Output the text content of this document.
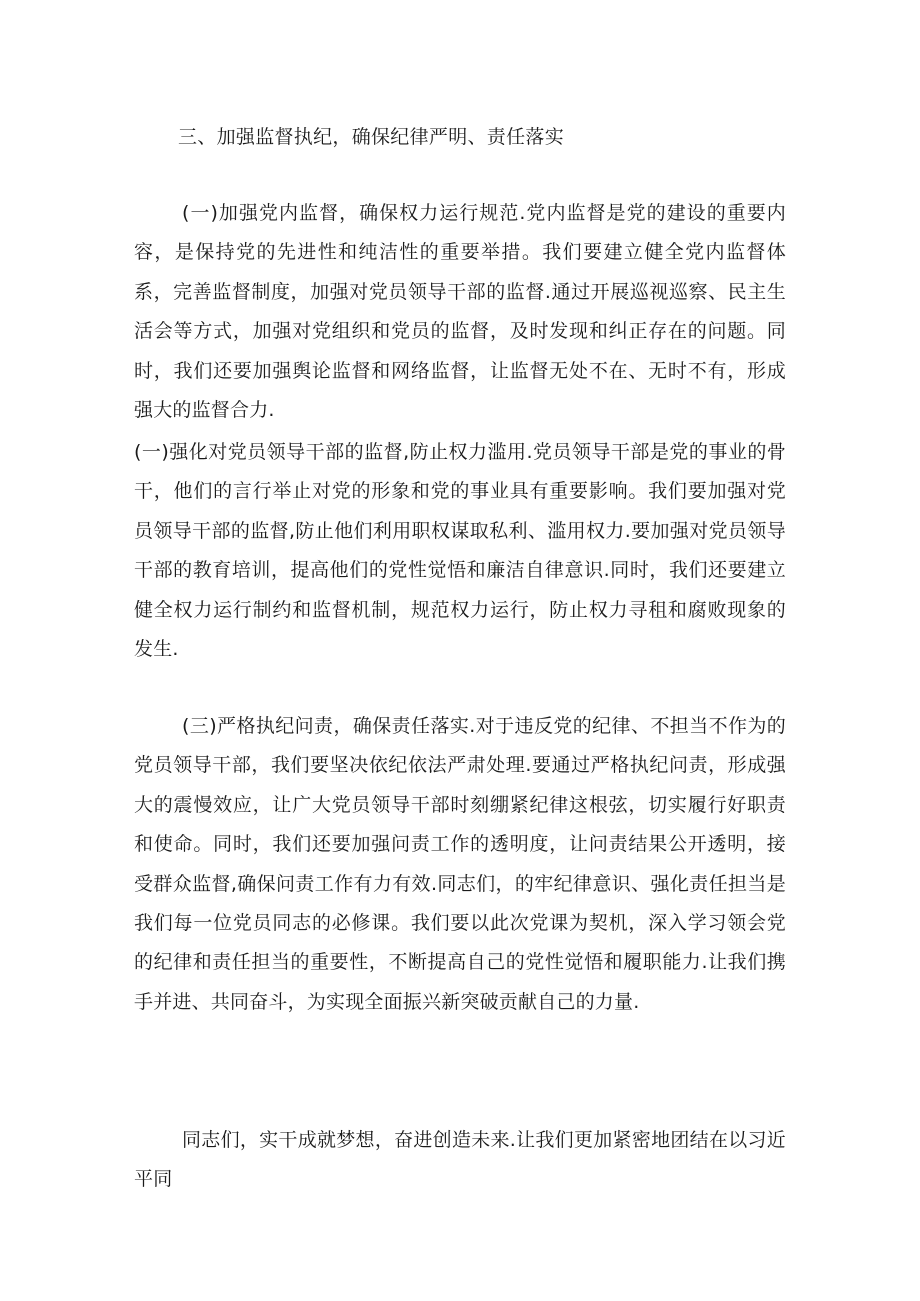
三、加强监督执纪，确保纪律严明、责任落实

(一)加强党内监督，确保权力运行规范.党内监督是党的建设的重要内容，是保持党的先进性和纯洁性的重要举措。我们要建立健全党内监督体系，完善监督制度，加强对党员领导干部的监督.通过开展巡视巡察、民主生活会等方式，加强对党组织和党员的监督，及时发现和纠正存在的问题。同时，我们还要加强舆论监督和网络监督，让监督无处不在、无时不有，形成强大的监督合力.

(一)强化对党员领导干部的监督,防止权力滥用.党员领导干部是党的事业的骨干，他们的言行举止对党的形象和党的事业具有重要影响。我们要加强对党员领导干部的监督,防止他们利用职权谋取私利、滥用权力.要加强对党员领导干部的教育培训，提高他们的党性觉悟和廉洁自律意识.同时，我们还要建立健全权力运行制约和监督机制，规范权力运行，防止权力寻租和腐败现象的发生.

(三)严格执纪问责，确保责任落实.对于违反党的纪律、不担当不作为的党员领导干部，我们要坚决依纪依法严肃处理.要通过严格执纪问责，形成强大的震慢效应，让广大党员领导干部时刻绷紧纪律这根弦，切实履行好职责和使命。同时，我们还要加强问责工作的透明度，让问责结果公开透明，接受群众监督,确保问责工作有力有效.同志们，的牢纪律意识、强化责任担当是我们每一位党员同志的必修课。我们要以此次党课为契机，深入学习领会党的纪律和责任担当的重要性，不断提高自己的党性觉悟和履职能力.让我们携手并进、共同奋斗，为实现全面振兴新突破贡献自己的力量.

同志们，实干成就梦想，奋进创造未来.让我们更加紧密地团结在以习近平同
